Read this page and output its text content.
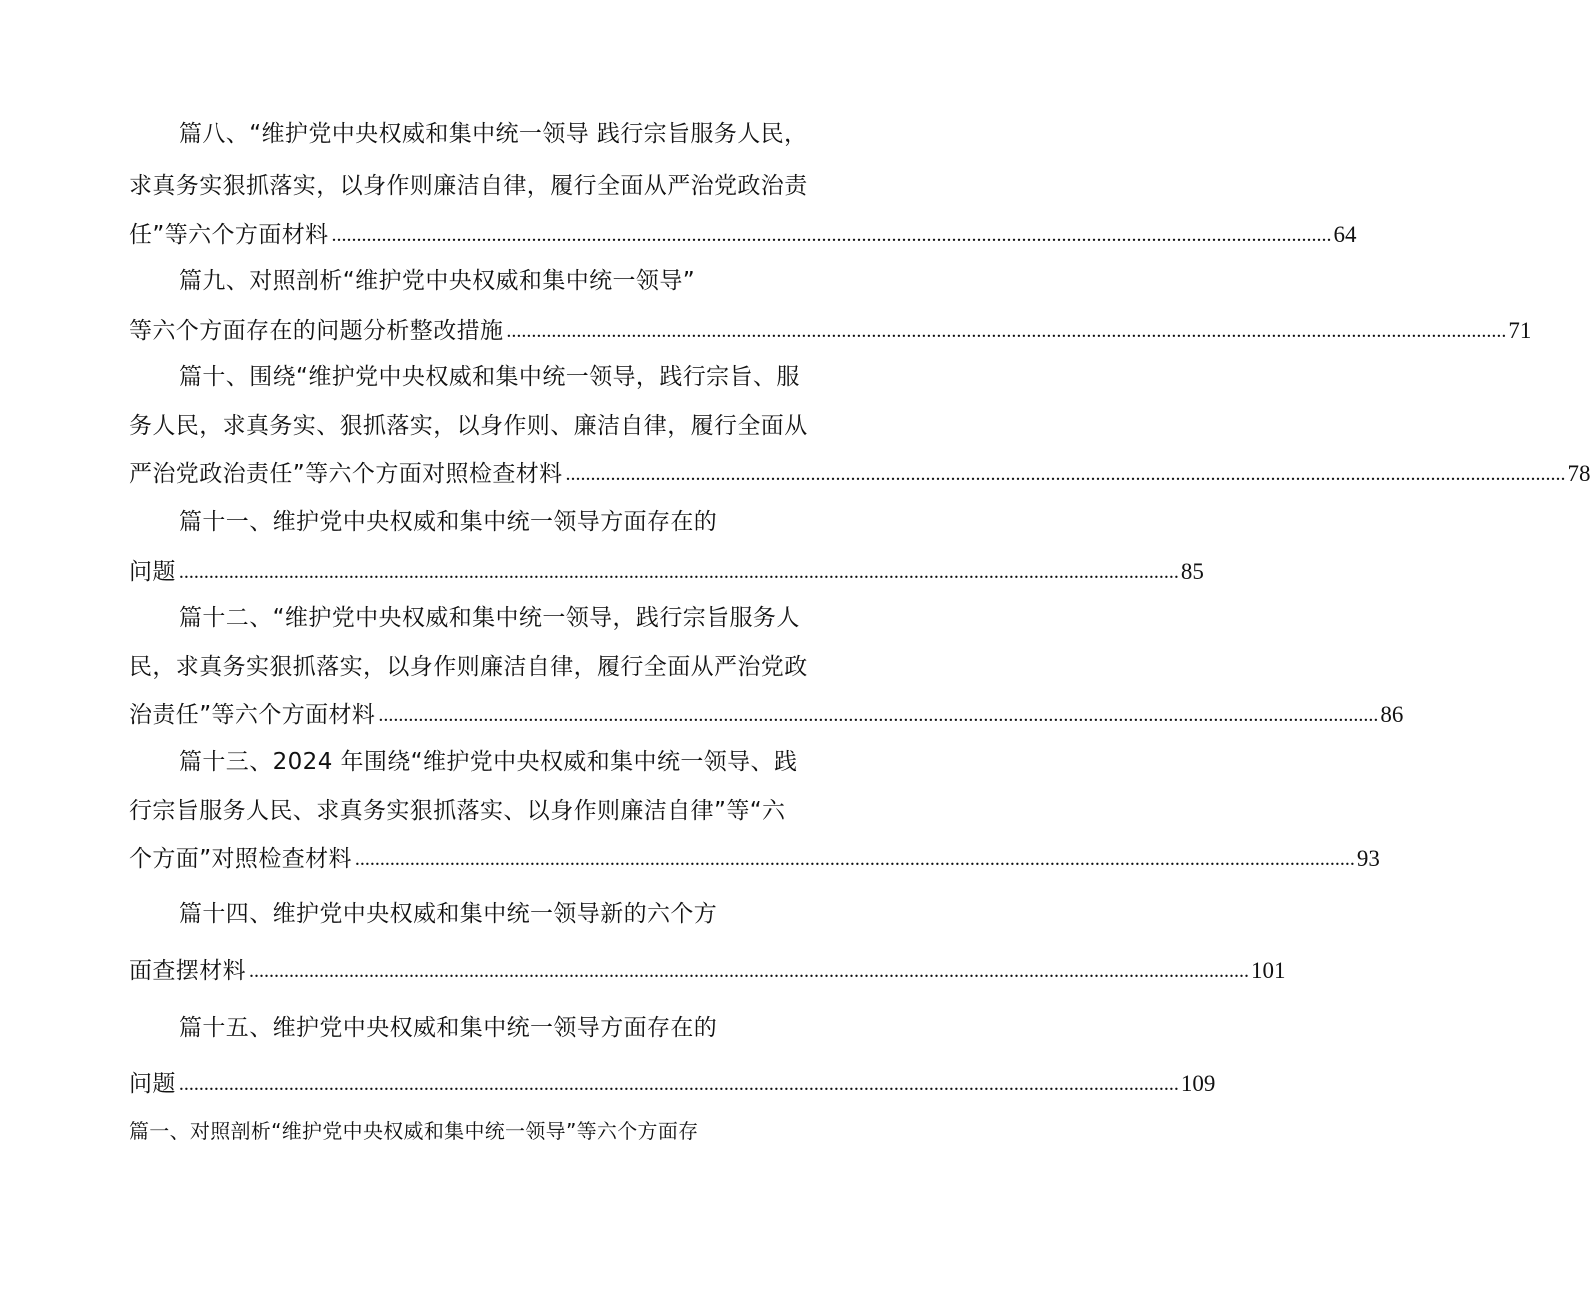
篇八、“维护党中央权威和集中统一领导 践行宗旨服务人民，
求真务实狠抓落实，以身作则廉洁自律，履行全面从严治党政治责
任”等六个方面材料 ........................................................................................................................................................................................................ 64
篇九、对照剖析“维护党中央权威和集中统一领导”
等六个方面存在的问题分析整改措施 ........................................................................................................................................................................................................ 71
篇十、围绕“维护党中央权威和集中统一领导，践行宗旨、服
务人民，求真务实、狠抓落实，以身作则、廉洁自律，履行全面从
严治党政治责任”等六个方面对照检查材料 ........................................................................................................................................................................................................ 78
篇十一、维护党中央权威和集中统一领导方面存在的
问题 ........................................................................................................................................................................................................ 85
篇十二、“维护党中央权威和集中统一领导，践行宗旨服务人
民，求真务实狠抓落实，以身作则廉洁自律，履行全面从严治党政
治责任”等六个方面材料 ........................................................................................................................................................................................................ 86
篇十三、2024 年围绕“维护党中央权威和集中统一领导、践
行宗旨服务人民、求真务实狠抓落实、以身作则廉洁自律”等“六
个方面”对照检查材料 ........................................................................................................................................................................................................ 93
篇十四、维护党中央权威和集中统一领导新的六个方
面查摆材料 ........................................................................................................................................................................................................ 101
篇十五、维护党中央权威和集中统一领导方面存在的
问题 ........................................................................................................................................................................................................ 109
篇一、对照剖析“维护党中央权威和集中统一领导”等六个方面存
